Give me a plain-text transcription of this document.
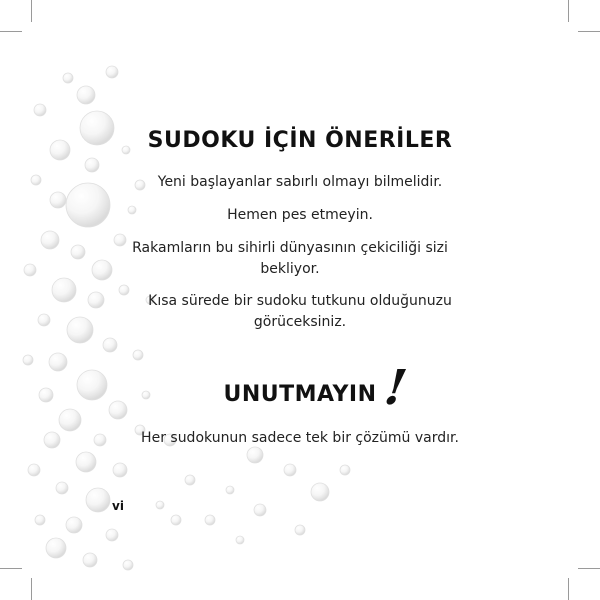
SUDOKU İÇİN ÖNERİLER
Yeni başlayanlar sabırlı olmayı bilmelidir.
Hemen pes etmeyin.
Rakamların bu sihirli dünyasının çekiciliği sizi bekliyor.
Kısa sürede bir sudoku tutkunu olduğunuzu görüceksiniz.
UNUTMAYIN !
Her sudokunun sadece tek bir çözümü vardır.
vi
